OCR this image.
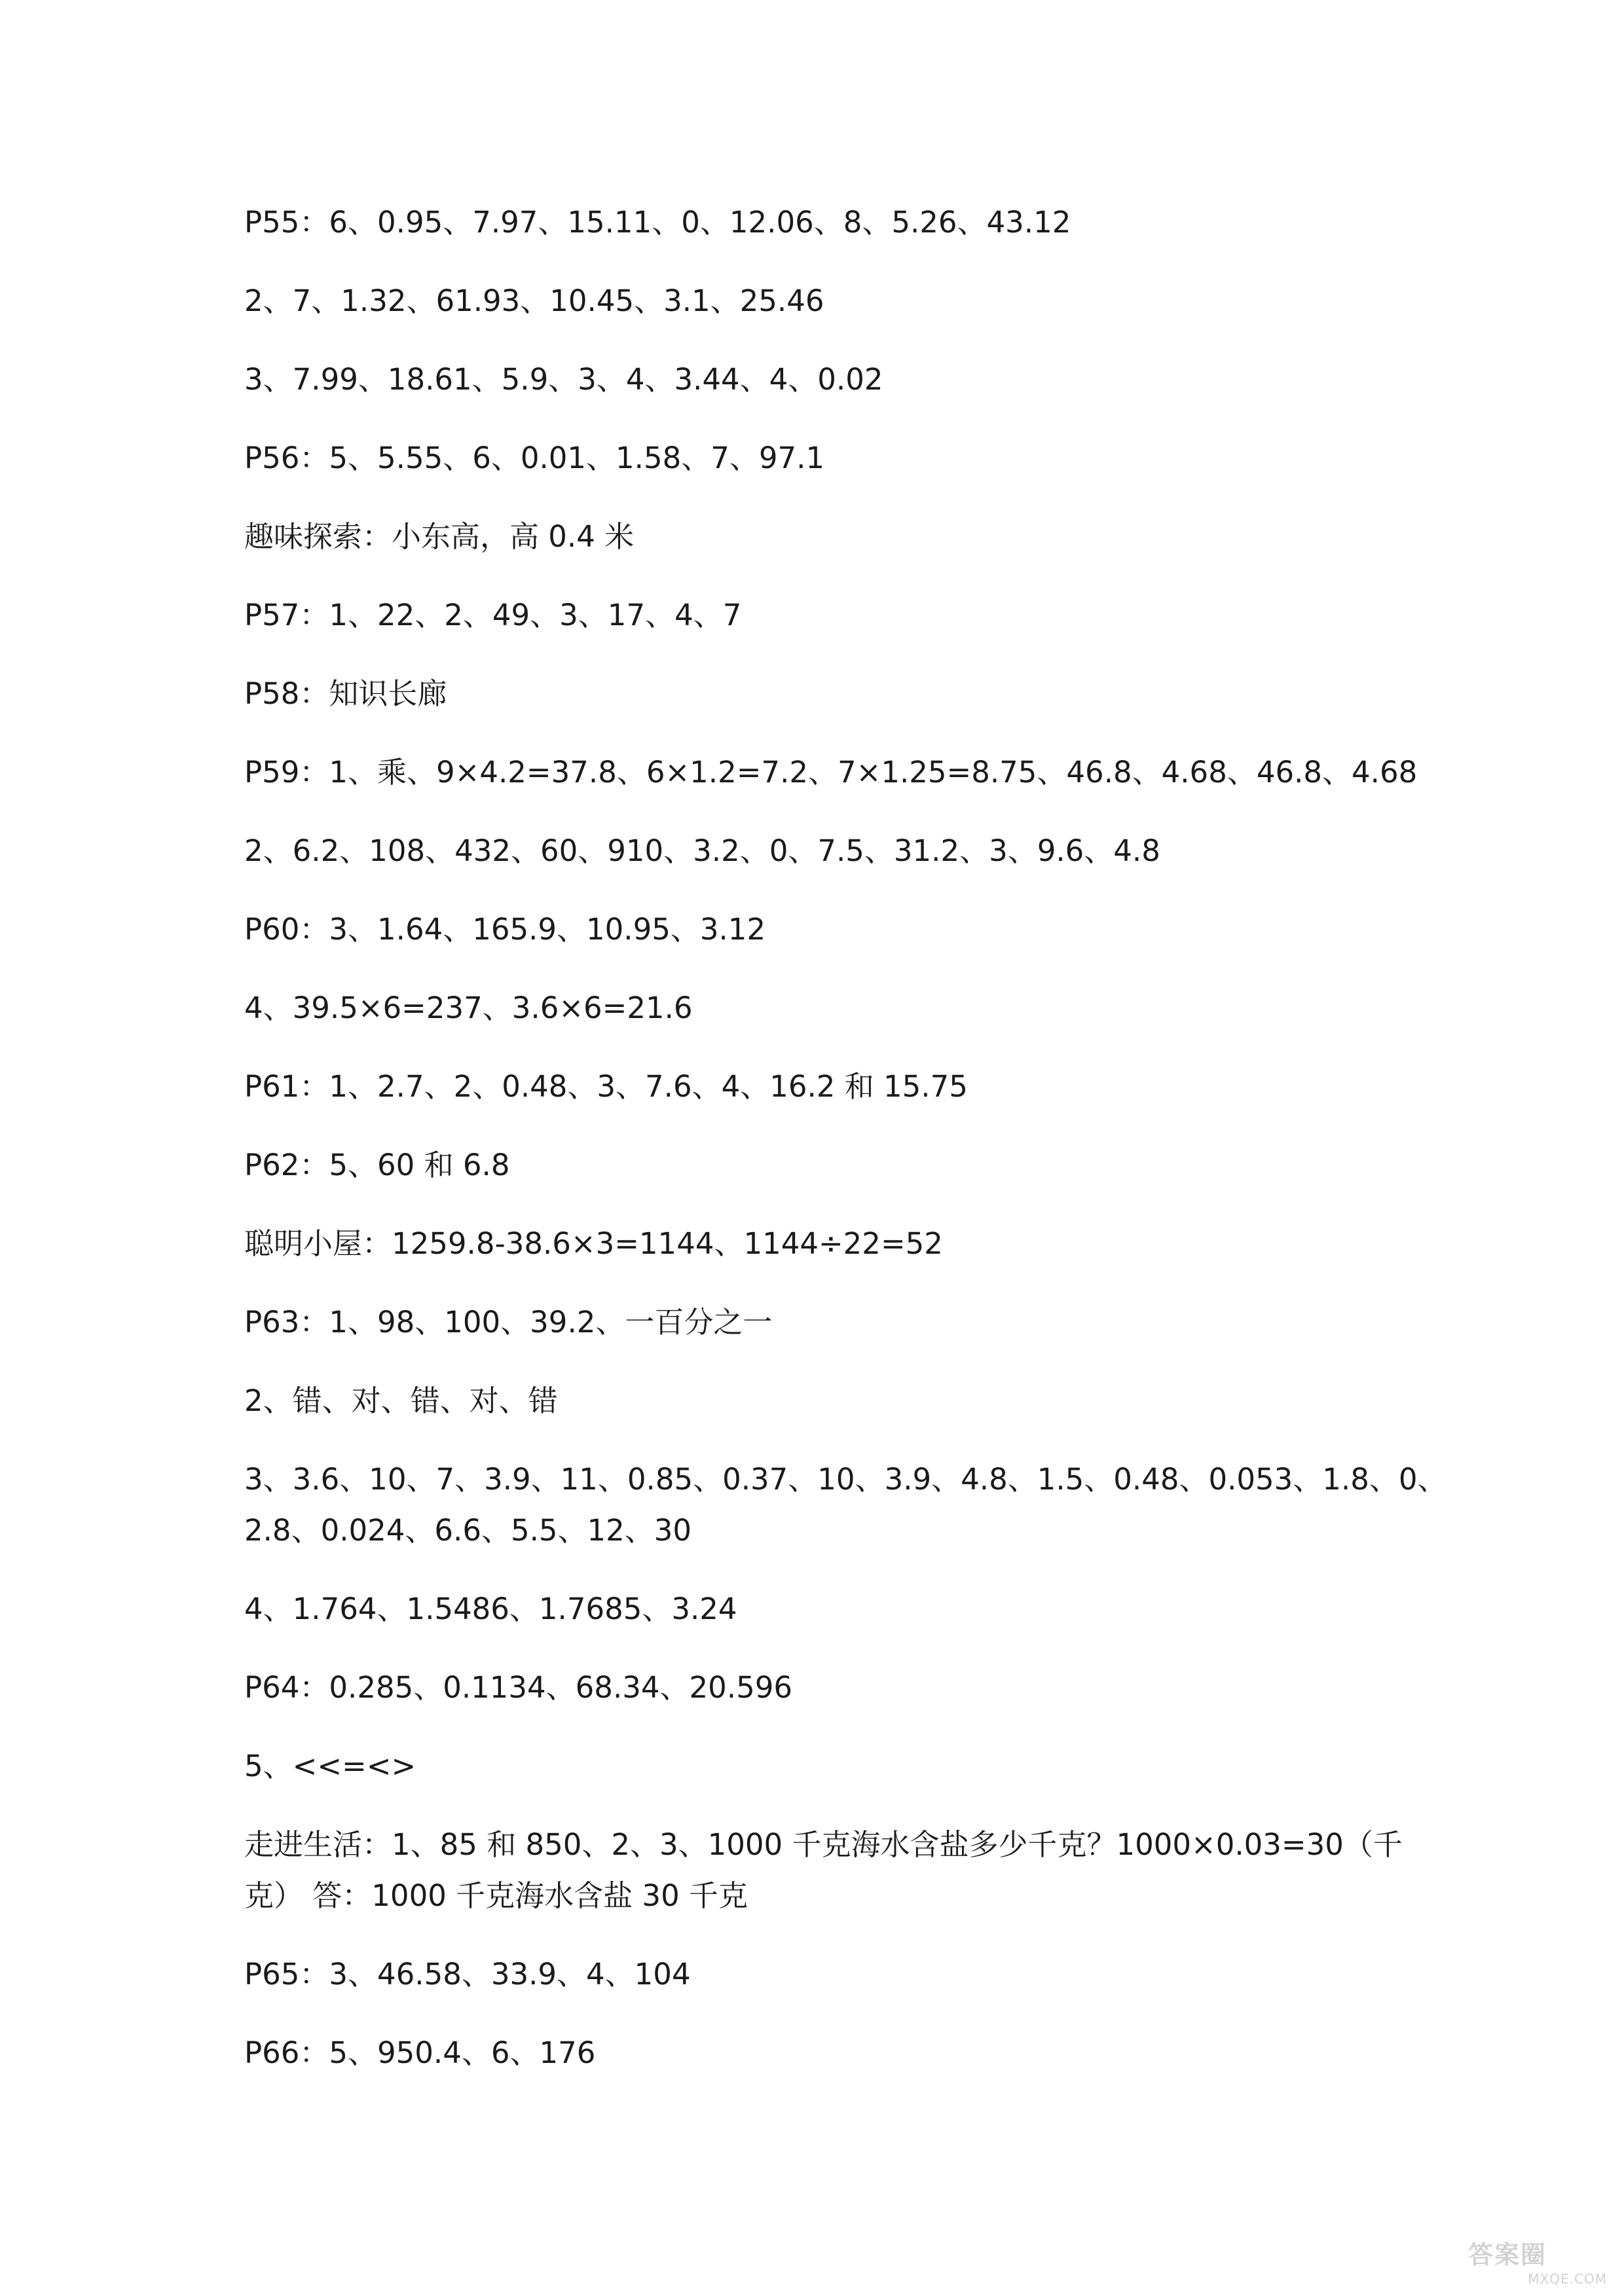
P55：6、0.95、7.97、15.11、0、12.06、8、5.26、43.12

2、7、1.32、61.93、10.45、3.1、25.46

3、7.99、18.61、5.9、3、4、3.44、4、0.02

P56：5、5.55、6、0.01、1.58、7、97.1

趣味探索：小东高，高 0.4 米

P57：1、22、2、49、3、17、4、7

P58：知识长廊

P59：1、乘、9×4.2=37.8、6×1.2=7.2、7×1.25=8.75、46.8、4.68、46.8、4.68

2、6.2、108、432、60、910、3.2、0、7.5、31.2、3、9.6、4.8

P60：3、1.64、165.9、10.95、3.12

4、39.5×6=237、3.6×6=21.6

P61：1、2.7、2、0.48、3、7.6、4、16.2 和 15.75

P62：5、60 和 6.8

聪明小屋：1259.8-38.6×3=1144、1144÷22=52

P63：1、98、100、39.2、一百分之一

2、错、对、错、对、错

3、3.6、10、7、3.9、11、0.85、0.37、10、3.9、4.8、1.5、0.48、0.053、1.8、0、

2.8、0.024、6.6、5.5、12、30

4、1.764、1.5486、1.7685、3.24

P64：0.285、0.1134、68.34、20.596

5、<<=<>

走进生活：1、85 和 850、2、3、1000 千克海水含盐多少千克？1000×0.03=30（千

克） 答：1000 千克海水含盐 30 千克

P65：3、46.58、33.9、4、104

P66：5、950.4、6、176

答案圈
MXQE.COM
